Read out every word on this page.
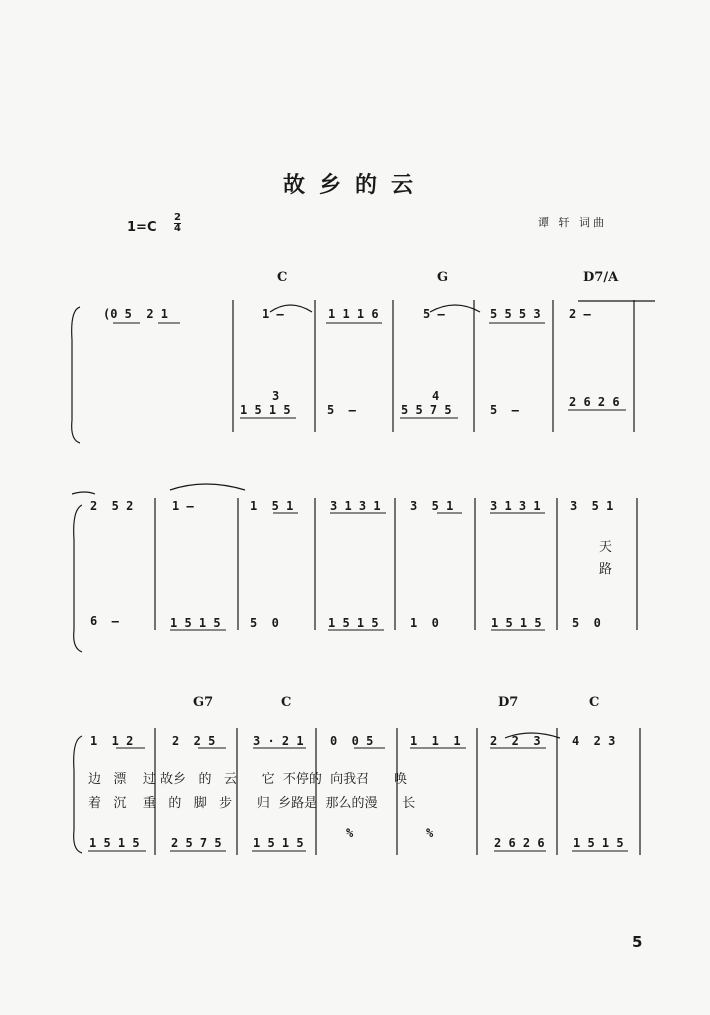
故乡的云
1=C
2
4	谭 轩 词曲
C	G	D7/A
(0 5  2 1	1 —	1 1 1 6	5 —	5 5 5 3 2 —
1 5 1 5
3
5  —	5 5 7 5
4
5  —
2 6 2 6
2  5 2	1 —	1  5 1	3 1 3 1 3  5 1	3 1 3 1 3  5 1
天
路
6  —	1 5 1 5 5  0	1 5 1 5	1  0	1 5 1 5	5  0
G7	C	D7	C
1  1 2	2  2 5	3 · 2 1 0  0 5	1  1  1 2  2  3	4  2 3
边   漂    过 故乡   的   云      它  不停的  向我召      唤
着   沉    重   的   脚   步      归  乡路是  那么的漫      长
1 5 1 5	2 5 7 5	1 5 1 5
%	%
2 6 2 6 1 5 1 5
5
